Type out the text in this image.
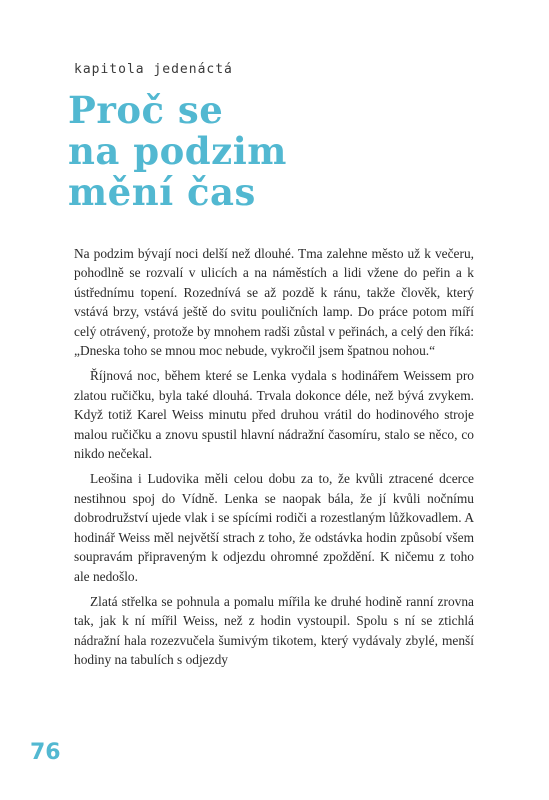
kapitola jedenáctá
Proč se
na podzim
mění čas

Na podzim bývají noci delší než dlouhé. Tma zalehne město už k večeru, pohodlně se rozvalí v ulicích a na náměstích a lidi vžene do peřin a k ústřednímu topení. Rozednívá se až pozdě k ránu, takže člověk, který vstává brzy, vstává ještě do svitu pouličních lamp. Do práce potom míří celý otrávený, protože by mnohem radši zůstal v peřinách, a celý den říká: „Dneska toho se mnou moc nebude, vykročil jsem špatnou nohou.“

Říjnová noc, během které se Lenka vydala s hodinářem Weissem pro zlatou ručičku, byla také dlouhá. Trvala dokonce déle, než bývá zvykem. Když totiž Karel Weiss minutu před druhou vrátil do hodinového stroje malou ručičku a znovu spustil hlavní nádražní časomíru, stalo se něco, co nikdo nečekal.

Leošina i Ludovika měli celou dobu za to, že kvůli ztracené dcerce nestihnou spoj do Vídně. Lenka se naopak bála, že jí kvůli nočnímu dobrodružství ujede vlak i se spícími rodiči a rozestlaným lůžkovadlem. A hodinář Weiss měl největší strach z toho, že odstávka hodin způsobí všem soupravám připraveným k odjezdu ohromné zpoždění. K ničemu z toho ale nedošlo.

Zlatá střelka se pohnula a pomalu mířila ke druhé hodině ranní zrovna tak, jak k ní mířil Weiss, než z hodin vystoupil. Spolu s ní se ztichlá nádražní hala rozezvučela šumivým tikotem, který vydávaly zbylé, menší hodiny na tabulích s odjezdy

76
